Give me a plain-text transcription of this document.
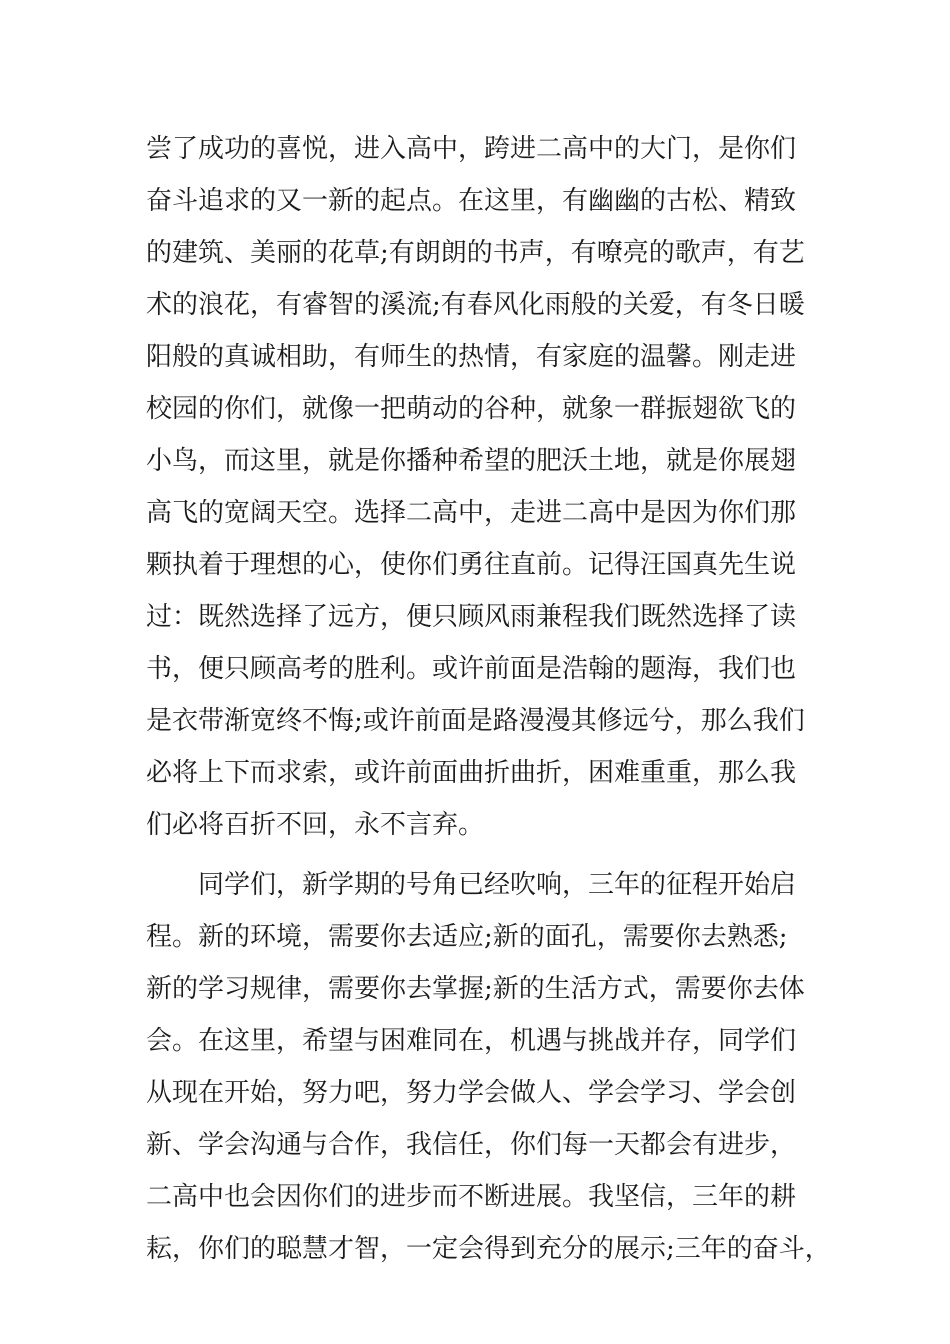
尝了成功的喜悦，进入高中，跨进二高中的大门，是你们
奋斗追求的又一新的起点。在这里，有幽幽的古松、精致
的建筑、美丽的花草;有朗朗的书声，有嘹亮的歌声，有艺
术的浪花，有睿智的溪流;有春风化雨般的关爱，有冬日暖
阳般的真诚相助，有师生的热情，有家庭的温馨。刚走进
校园的你们，就像一把萌动的谷种，就象一群振翅欲飞的
小鸟，而这里，就是你播种希望的肥沃土地，就是你展翅
高飞的宽阔天空。选择二高中，走进二高中是因为你们那
颗执着于理想的心，使你们勇往直前。记得汪国真先生说
过：既然选择了远方，便只顾风雨兼程我们既然选择了读
书，便只顾高考的胜利。或许前面是浩翰的题海，我们也
是衣带渐宽终不悔;或许前面是路漫漫其修远兮，那么我们
必将上下而求索，或许前面曲折曲折，困难重重，那么我
们必将百折不回，永不言弃。
同学们，新学期的号角已经吹响，三年的征程开始启
程。新的环境，需要你去适应;新的面孔，需要你去熟悉;
新的学习规律，需要你去掌握;新的生活方式，需要你去体
会。在这里，希望与困难同在，机遇与挑战并存，同学们
从现在开始，努力吧，努力学会做人、学会学习、学会创
新、学会沟通与合作，我信任，你们每一天都会有进步，
二高中也会因你们的进步而不断进展。我坚信，三年的耕
耘，你们的聪慧才智，一定会得到充分的展示;三年的奋斗，
